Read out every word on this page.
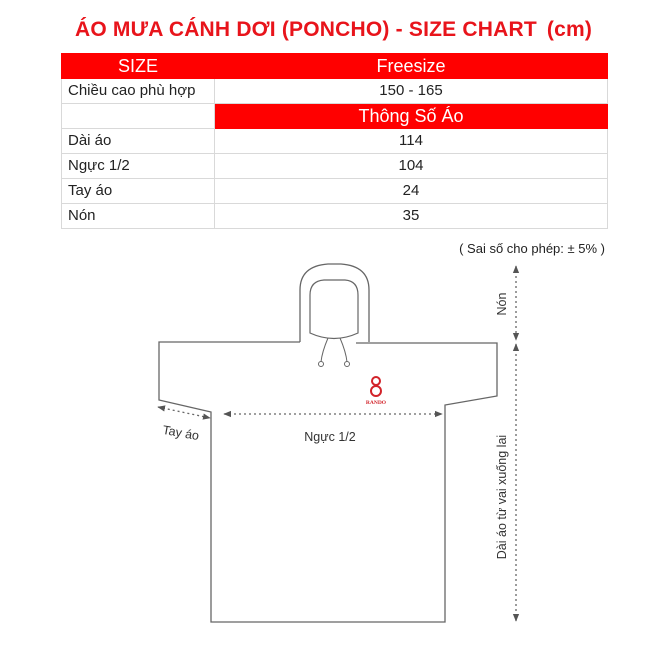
ÁO MƯA CÁNH DƠI (PONCHO) - SIZE CHART (cm)
SIZE	Freesize
Chiều cao phù hợp	150 - 165
	Thông Số Áo
Dài áo	114
Ngực 1/2	104
Tay áo	24
Nón	35
( Sai số cho phép: ± 5% )
RANDO
Ngực 1/2
Tay áo
Nón
Dài áo từ vai xuống lai
